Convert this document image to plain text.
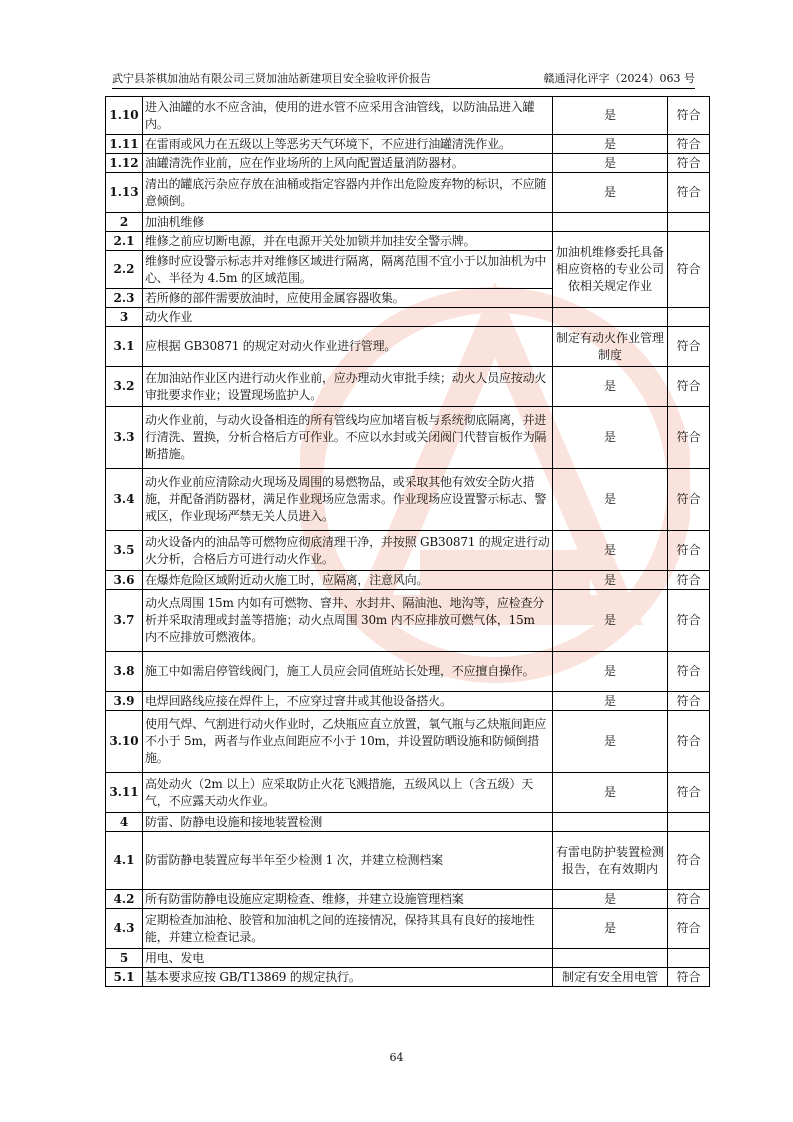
武宁县茶棋加油站有限公司三贤加油站新建项目安全验收评价报告	赣通浔化评字（2024）063 号
1.10	进入油罐的水不应含油，使用的进水管不应采用含油管线，以防油品进入罐内。	是	符合
1.11	在雷雨或风力在五级以上等恶劣天气环境下，不应进行油罐清洗作业。	是	符合
1.12	油罐清洗作业前，应在作业场所的上风向配置适量消防器材。	是	符合
1.13	清出的罐底污杂应存放在油桶或指定容器内并作出危险废弃物的标识，不应随意倾倒。	是	符合
2	加油机维修		
2.1	维修之前应切断电源，并在电源开关处加锁并加挂安全警示牌。	加油机维修委托具备相应资格的专业公司依相关规定作业	符合
2.2	维修时应设警示标志并对维修区域进行隔离，隔离范围不宜小于以加油机为中心、半径为 4.5m 的区域范围。		
2.3	若所修的部件需要放油时，应使用金属容器收集。		
3	动火作业		
3.1	应根据 GB30871 的规定对动火作业进行管理。	制定有动火作业管理制度	符合
3.2	在加油站作业区内进行动火作业前，应办理动火审批手续；动火人员应按动火审批要求作业；设置现场监护人。	是	符合
3.3	动火作业前，与动火设备相连的所有管线均应加堵盲板与系统彻底隔离，并进行清洗、置换，分析合格后方可作业。不应以水封或关闭阀门代替盲板作为隔断措施。	是	符合
3.4	动火作业前应清除动火现场及周围的易燃物品，或采取其他有效安全防火措施，并配备消防器材，满足作业现场应急需求。作业现场应设置警示标志、警戒区，作业现场严禁无关人员进入。	是	符合
3.5	动火设备内的油品等可燃物应彻底清理干净，并按照 GB30871 的规定进行动火分析，合格后方可进行动火作业。	是	符合
3.6	在爆炸危险区域附近动火施工时，应隔离，注意风向。	是	符合
3.7	动火点周围 15m 内如有可燃物、窨井、水封井、隔油池、地沟等，应检查分析并采取清理或封盖等措施；动火点周围 30m 内不应排放可燃气体，15m 内不应排放可燃液体。	是	符合
3.8	施工中如需启停管线阀门，施工人员应会同值班站长处理，不应擅自操作。	是	符合
3.9	电焊回路线应接在焊件上，不应穿过窨井或其他设备搭火。	是	符合
3.10	使用气焊、气割进行动火作业时，乙炔瓶应直立放置，氧气瓶与乙炔瓶间距应不小于 5m，两者与作业点间距应不小于 10m，并设置防晒设施和防倾倒措施。	是	符合
3.11	高处动火（2m 以上）应采取防止火花飞溅措施，五级风以上（含五级）天气，不应露天动火作业。	是	符合
4	防雷、防静电设施和接地装置检测		
4.1	防雷防静电装置应每半年至少检测 1 次，并建立检测档案	有雷电防护装置检测报告，在有效期内	符合
4.2	所有防雷防静电设施应定期检查、维修，并建立设施管理档案	是	符合
4.3	定期检查加油枪、胶管和加油机之间的连接情况，保持其具有良好的接地性能，并建立检查记录。	是	符合
5	用电、发电		
5.1	基本要求应按 GB/T13869 的规定执行。	制定有安全用电管	符合
64
